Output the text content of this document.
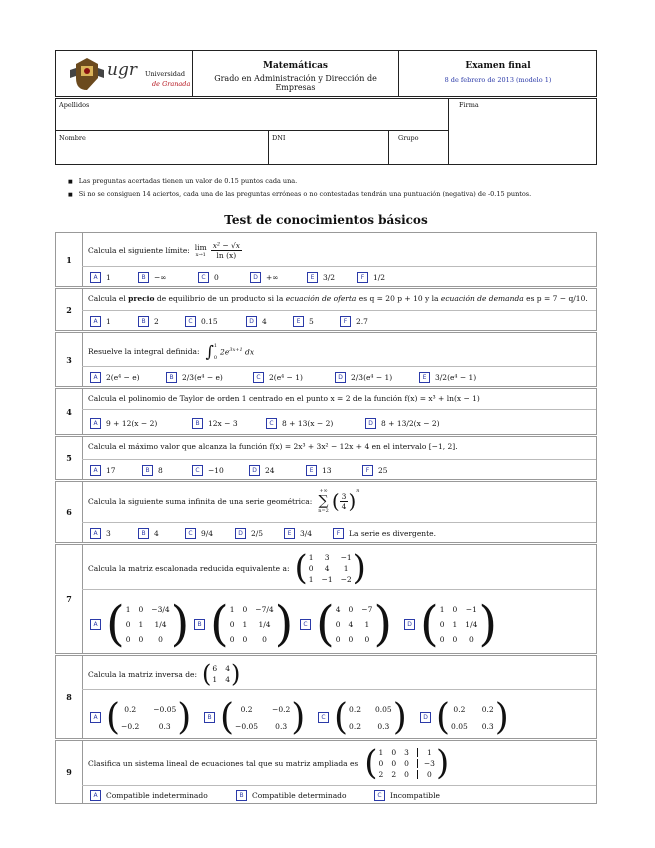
ugr Universidad
de Granada
Matemáticas
Grado en Administración y Dirección de Empresas
Examen final
8 de febrero de 2013 (modelo 1)
Apellidos	Firma
Nombre	DNI	Grupo
■ Las preguntas acertadas tienen un valor de 0.15 puntos cada una.
■ Si no se consiguen 14 aciertos, cada una de las preguntas erróneas o no contestadas tendrán una puntuación (negativa) de -0.15 puntos.
Test de conocimientos básicos
1
Calcula el siguiente límite: lim
x→1
x² − √x
ln (x)
A	1	B	−∞	C	0	D	+∞	E	3/2	F	1/2
2
Calcula el precio de equilibrio de un producto si la ecuación de oferta es q = 20 p + 10 y la ecuación de demanda es p = 7 − q/10.
A	1	B	2	C	0.15	D	4	E	5	F	2.7
3
Resuelve la integral definida: ∫ 1
0
$2e^{3x+1}$ dx
A	2(e⁴ − e)	B	2/3(e⁴ − e)	C	2(e⁴ − 1)	D	2/3(e⁴ − 1)	E	3/2(e⁴ − 1)
4
Calcula el polinomio de Taylor de orden 1 centrado en el punto x = 2 de la función f(x) = x³ + ln(x − 1)
A	9 + 12(x − 2)	B	12x − 3	C	8 + 13(x − 2)	D	8 + 13/2(x − 2)
5
Calcula el máximo valor que alcanza la función f(x) = 2x³ + 3x² − 12x + 4 en el intervalo [−1, 2].
A	17	B	8	C	−10	D	24	E	13	F	25
6
Calcula la siguiente suma infinita de una serie geométrica:
+∞
∑
n=2 ( 3
4 )$^n$
A	3	B	4	C	9/4	D	2/5	E	3/4	F	La serie es divergente.
7
Calcula la matriz escalonada reducida equivalente a: ( 1	3	−1
0	4	1
1 −1 −2 )
A ( 1 0 −3/4
0 1	1/4
0 0	0 )	B ( 1 0 −7/4
0 1	1/4
0 0	0 )	C ( 4 0 −7
0 4	1
0 0	0 )	D ( 1 0 −1
0 1 1/4
0 0	0 )
8
Calcula la matriz inversa de: ( 6 4
1 4 )
A ( 0.2	−0.05
−0.2	0.3 )	B ( 0.2	−0.2
−0.05	0.3 )	C ( 0.2 0.05
0.2	0.3 )	D ( 0.2	0.2
0.05 0.3 )
9
Clasifica un sistema lineal de ecuaciones tal que su matriz ampliada es ( 1 0 3	1
0 0 0	−3
2 2 0	0 )
A	Compatible indeterminado	B	Compatible determinado	C	Incompatible
